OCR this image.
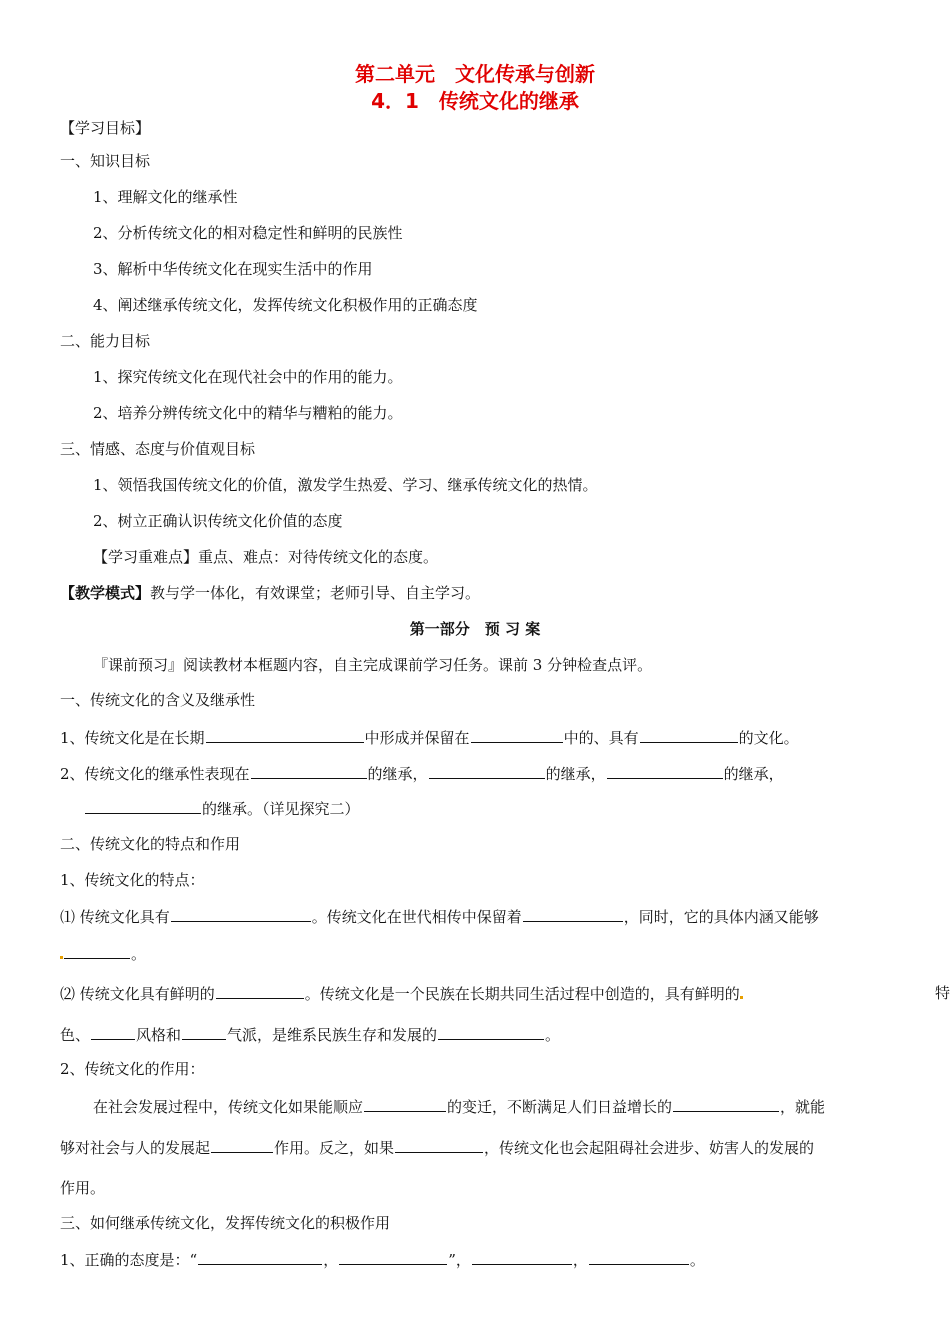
第二单元　文化传承与创新
4．1　传统文化的继承
【学习目标】
一、知识目标
1、理解文化的继承性
2、分析传统文化的相对稳定性和鲜明的民族性
3、解析中华传统文化在现实生活中的作用
4、阐述继承传统文化，发挥传统文化积极作用的正确态度
二、能力目标
1、探究传统文化在现代社会中的作用的能力。
2、培养分辨传统文化中的精华与糟粕的能力。
三、情感、态度与价值观目标
1、领悟我国传统文化的价值，激发学生热爱、学习、继承传统文化的热情。
2、树立正确认识传统文化价值的态度
【学习重难点】重点、难点：对待传统文化的态度。
【教学模式】教与学一体化，有效课堂；老师引导、自主学习。
第一部分　预 习 案
『课前预习』阅读教材本框题内容，自主完成课前学习任务。课前 3 分钟检查点评。
一、传统文化的含义及继承性
1、传统文化是在长期	中形成并保留在	中的、具有	的文化。
2、传统文化的继承性表现在	的继承，	的继承，	的继承，
的继承。（详见探究二）
二、传统文化的特点和作用
1、传统文化的特点：
⑴ 传统文化具有	。传统文化在世代相传中保留着	，同时，它的具体内涵又能够
。
⑵ 传统文化具有鲜明的	。传统文化是一个民族在长期共同生活过程中创造的，具有鲜明的	特
色、	风格和	气派，是维系民族生存和发展的	。
2、传统文化的作用：
在社会发展过程中，传统文化如果能顺应	的变迁，不断满足人们日益增长的	，就能
够对社会与人的发展起	作用。反之，如果	，传统文化也会起阻碍社会进步、妨害人的发展的
作用。
三、如何继承传统文化，发挥传统文化的积极作用
1、正确的态度是：“	，	”，	，	。
